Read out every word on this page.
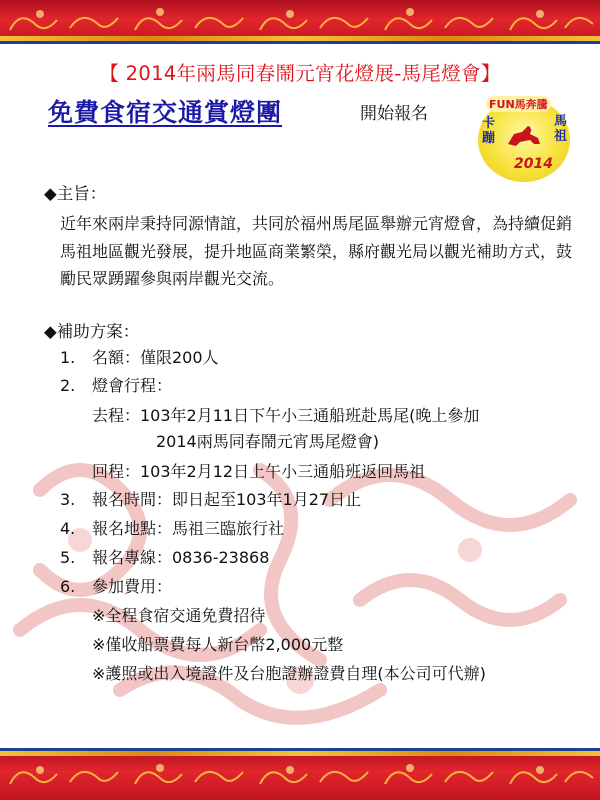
【 2014年兩馬同春鬧元宵花燈展-馬尾燈會】
免費食宿交通賞燈團	開始報名	FUN馬奔騰
卡蹦
馬祖
2014
◆主旨：
近年來兩岸秉持同源情誼，共同於福州馬尾區舉辦元宵燈會，為持續促銷馬祖地區觀光發展，提升地區商業繁榮，縣府觀光局以觀光補助方式，鼓勵民眾踴躍參與兩岸觀光交流。
◆補助方案：
1. 名額：僅限200人
2. 燈會行程：
去程：103年2月11日下午小三通船班赴馬尾(晚上參加
2014兩馬同春鬧元宵馬尾燈會)
回程：103年2月12日上午小三通船班返回馬祖
3. 報名時間：即日起至103年1月27日止
4. 報名地點：馬祖三臨旅行社
5. 報名專線：0836-23868
6. 參加費用：
※全程食宿交通免費招待
※僅收船票費每人新台幣2,000元整
※護照或出入境證件及台胞證辦證費自理(本公司可代辦)
